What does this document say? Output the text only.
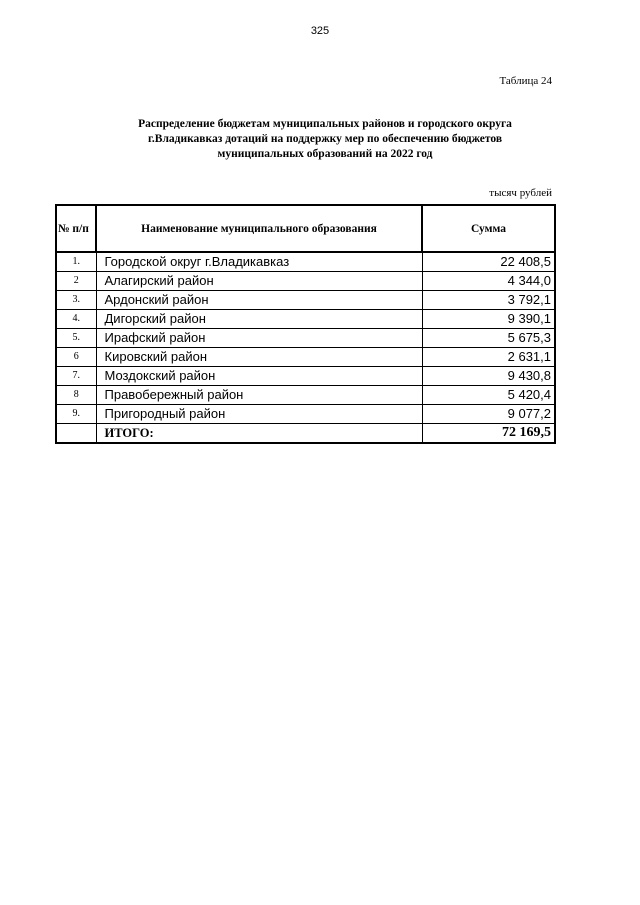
325
Таблица 24
Распределение бюджетам муниципальных районов и городского округа
г.Владикавказ дотаций на поддержку мер по обеспечению бюджетов
муниципальных образований на 2022 год
тысяч рублей
№ п/п	Наименование муниципального образования	Сумма
1.	Городской округ г.Владикавказ	22 408,5
2	Алагирский район	4 344,0
3.	Ардонский район	3 792,1
4.	Дигорский район	9 390,1
5.	Ирафский район	5 675,3
6	Кировский район	2 631,1
7.	Моздокский район	9 430,8
8	Правобережный район	5 420,4
9.	Пригородный район	9 077,2
	ИТОГО:	72 169,5
